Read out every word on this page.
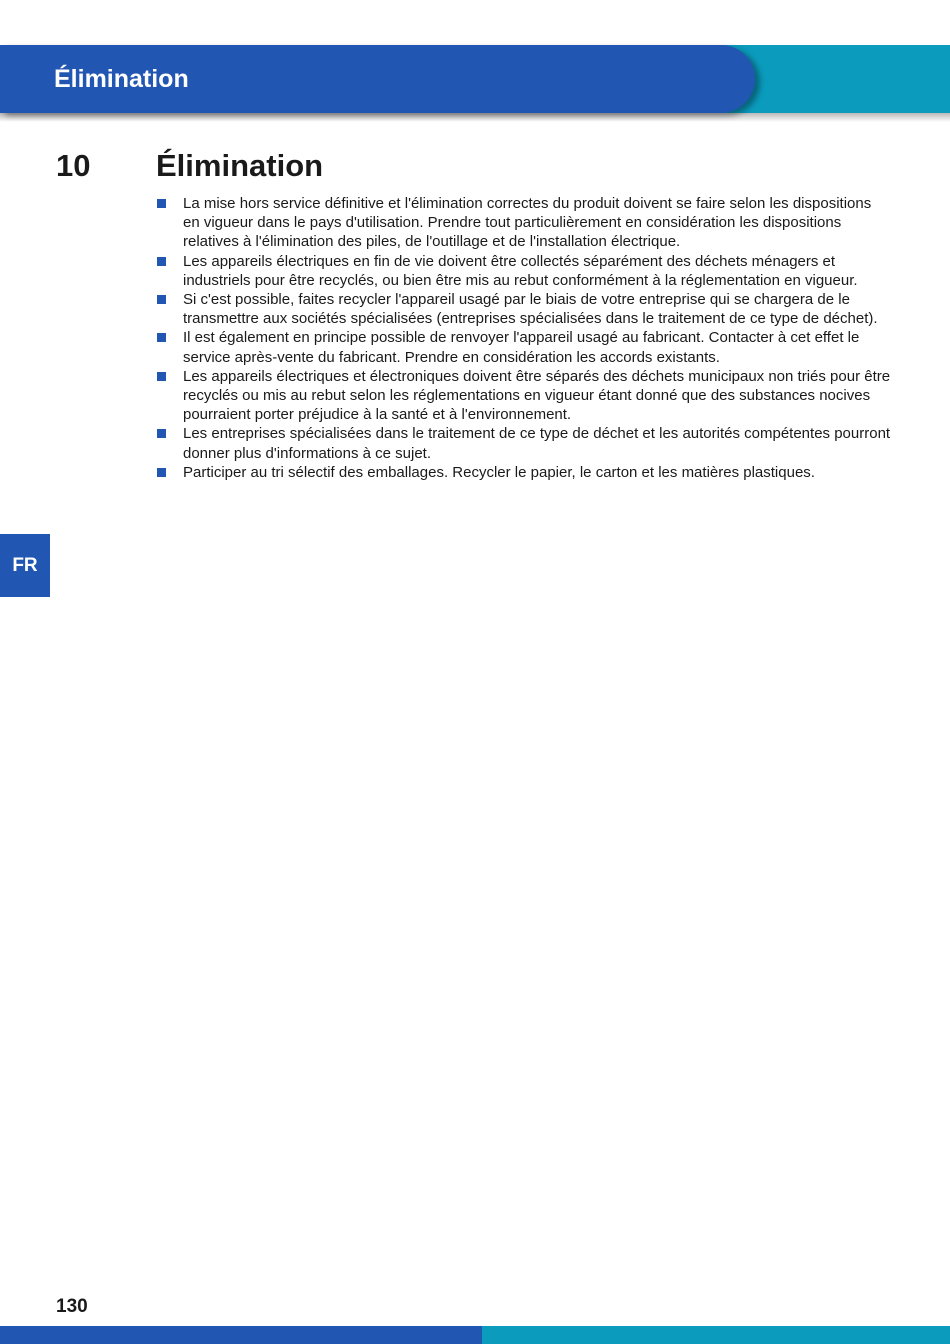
Élimination
10 Élimination
La mise hors service définitive et l'élimination correctes du produit doivent se faire selon les dispositions en vigueur dans le pays d'utilisation. Prendre tout particulièrement en considération les dispositions relatives à l'élimination des piles, de l'outillage et de l'installation électrique.
Les appareils électriques en fin de vie doivent être collectés séparément des déchets ménagers et industriels pour être recyclés, ou bien être mis au rebut conformément à la réglementation en vigueur.
Si c'est possible, faites recycler l'appareil usagé par le biais de votre entreprise qui se chargera de le transmettre aux sociétés spécialisées (entreprises spécialisées dans le traitement de ce type de déchet).
Il est également en principe possible de renvoyer l'appareil usagé au fabricant. Contacter à cet effet le service après-vente du fabricant. Prendre en considération les accords existants.
Les appareils électriques et électroniques doivent être séparés des déchets municipaux non triés pour être recyclés ou mis au rebut selon les réglementations en vigueur étant donné que des substances nocives pourraient porter préjudice à la santé et à l'environnement.
Les entreprises spécialisées dans le traitement de ce type de déchet et les autorités compétentes pourront donner plus d'informations à ce sujet.
Participer au tri sélectif des emballages. Recycler le papier, le carton et les matières plastiques.
FR
130
